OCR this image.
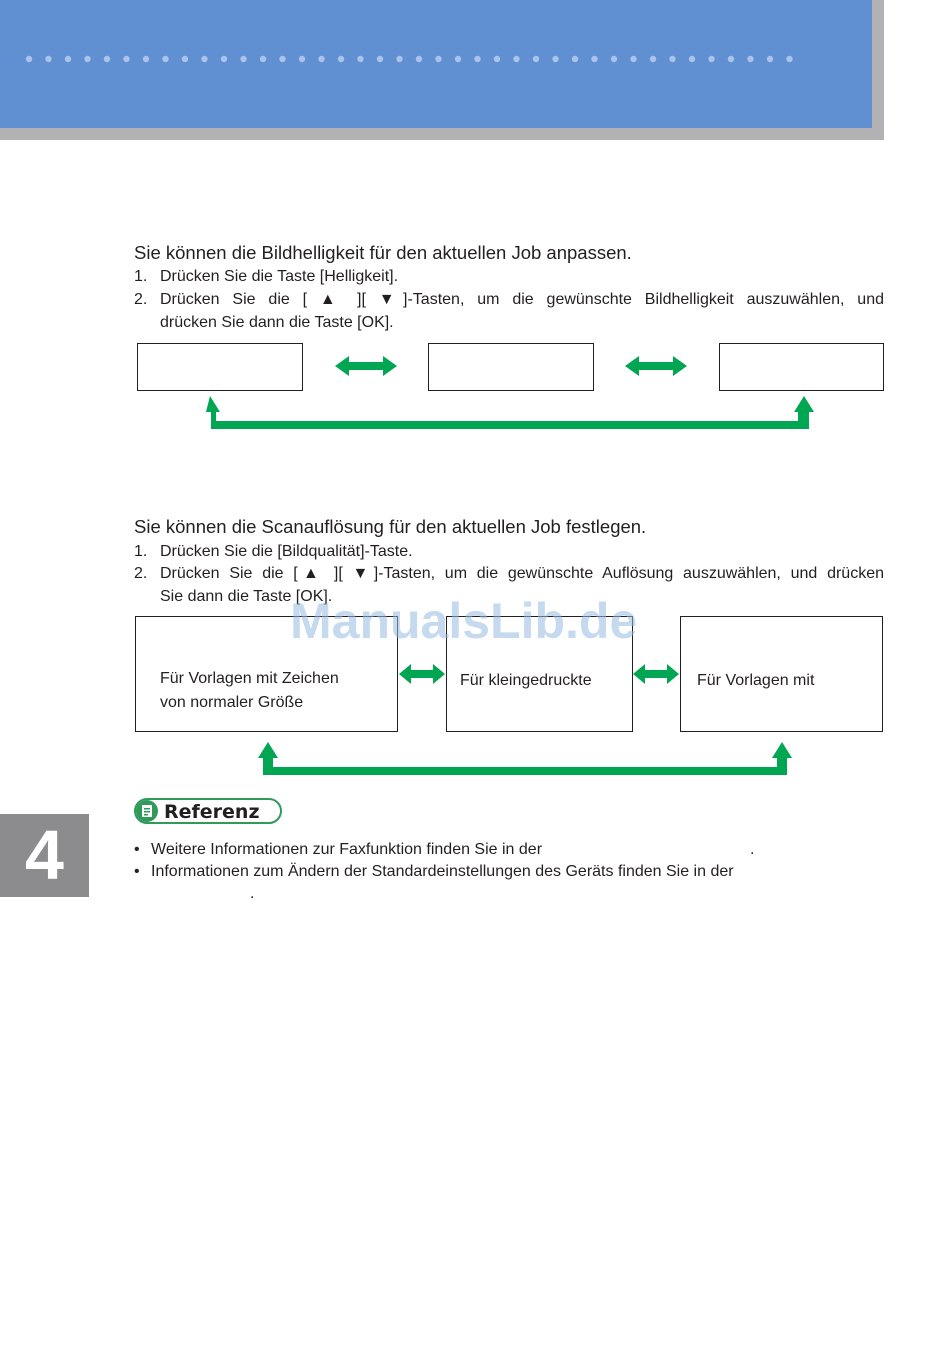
Sie können die Bildhelligkeit für den aktuellen Job anpassen.
1. Drücken Sie die Taste [Helligkeit].
2. Drücken Sie die [ ▲ ][ ▼]-Tasten, um die gewünschte Bildhelligkeit auszuwählen, und
drücken Sie dann die Taste [OK].
Sie können die Scanauflösung für den aktuellen Job festlegen.
1. Drücken Sie die [Bildqualität]-Taste.
2. Drücken Sie die [▲ ][ ▼]-Tasten, um die gewünschte Auflösung auszuwählen, und drücken
Sie dann die Taste [OK].
Für Vorlagen mit Zeichen
von normaler Größe
Für kleingedruckte	Für Vorlagen mit
ManualsLib.de
Referenz
• Weitere Informationen zur Faxfunktion finden Sie in der	.
• Informationen zum Ändern der Standardeinstellungen des Geräts finden Sie in der
.
4
